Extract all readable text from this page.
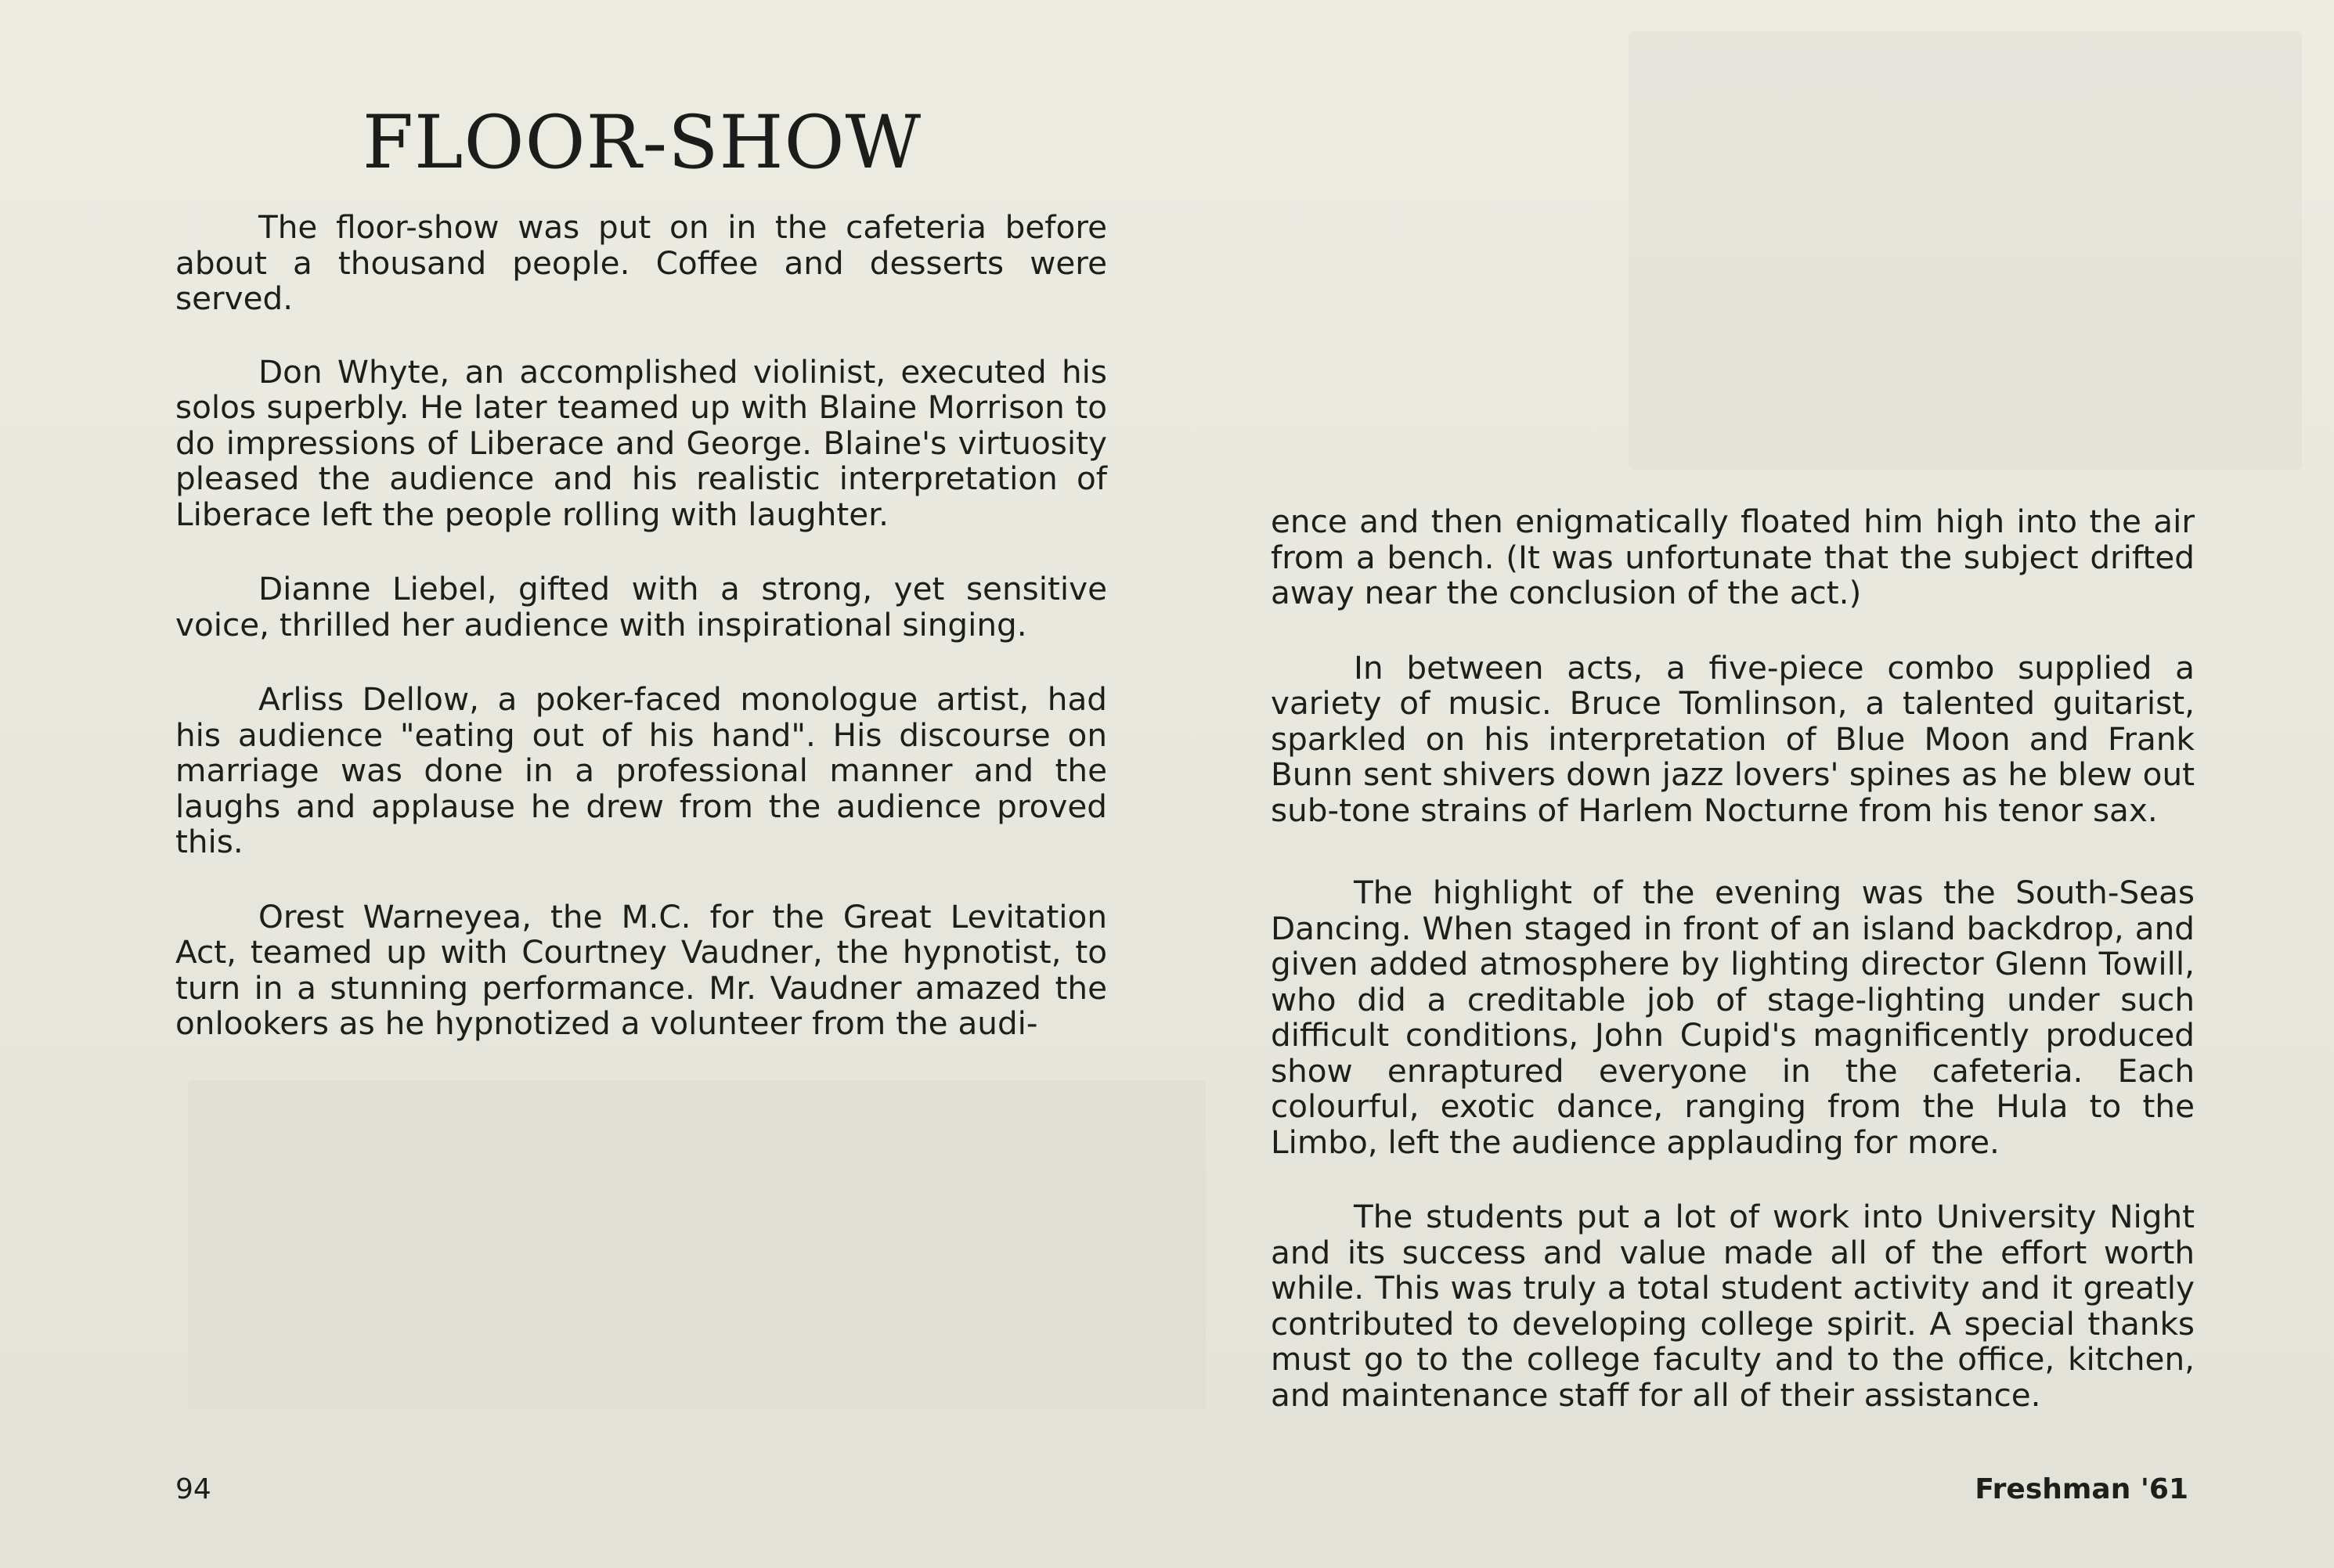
FLOOR-SHOW

The floor-show was put on in the cafeteria before about a thousand people. Coffee and desserts were served.

Don Whyte, an accomplished violinist, executed his solos superbly. He later teamed up with Blaine Morrison to do impressions of Liberace and George. Blaine's virtuosity pleased the audience and his realistic interpretation of Liberace left the people rolling with laughter.

Dianne Liebel, gifted with a strong, yet sensitive voice, thrilled her audience with inspirational singing.

Arliss Dellow, a poker-faced monologue artist, had his audience "eating out of his hand". His discourse on marriage was done in a professional manner and the laughs and applause he drew from the audience proved this.

Orest Warneyea, the M.C. for the Great Levitation Act, teamed up with Courtney Vaudner, the hypnotist, to turn in a stunning performance. Mr. Vaudner amazed the onlookers as he hypnotized a volunteer from the audi-

ence and then enigmatically floated him high into the air from a bench. (It was unfortunate that the subject drifted away near the conclusion of the act.)

In between acts, a five-piece combo supplied a variety of music. Bruce Tomlinson, a talented guitarist, sparkled on his interpretation of Blue Moon and Frank Bunn sent shivers down jazz lovers' spines as he blew out sub-tone strains of Harlem Nocturne from his tenor sax.

The highlight of the evening was the South-Seas Dancing. When staged in front of an island backdrop, and given added atmosphere by lighting director Glenn Towill, who did a creditable job of stage-lighting under such difficult conditions, John Cupid's magnificently produced show enraptured everyone in the cafeteria. Each colourful, exotic dance, ranging from the Hula to the Limbo, left the audience applauding for more.

The students put a lot of work into University Night and its success and value made all of the effort worth while. This was truly a total student activity and it greatly contributed to developing college spirit. A special thanks must go to the college faculty and to the office, kitchen, and maintenance staff for all of their assistance.

94	Freshman '61
